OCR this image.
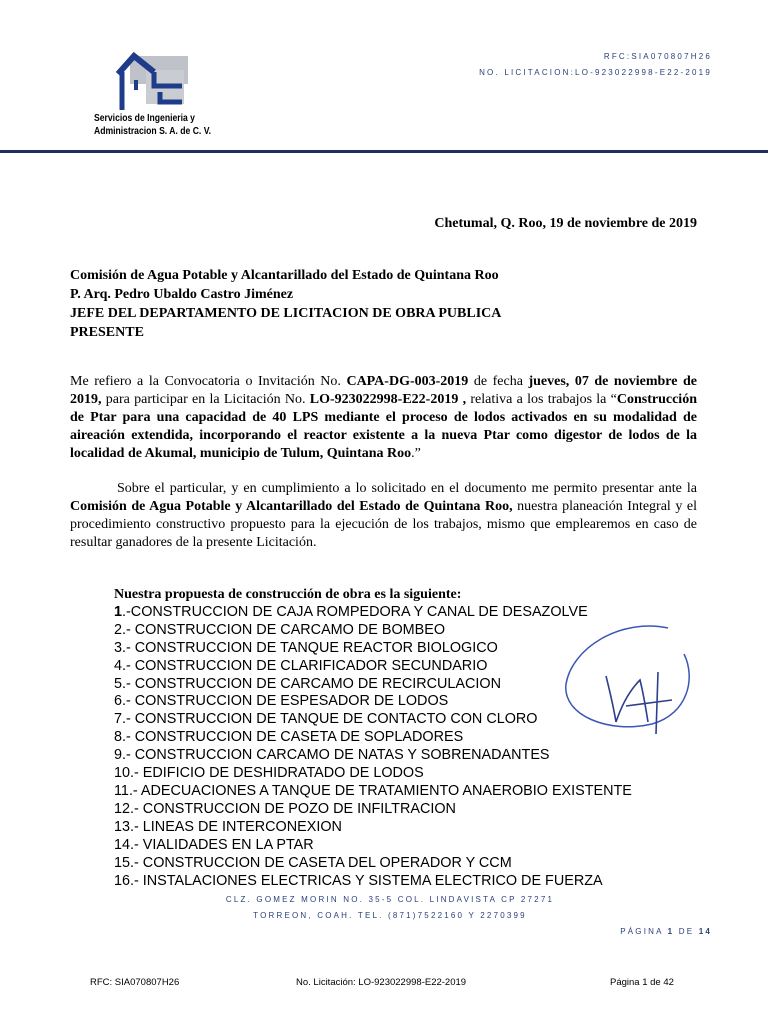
Servicios de Ingenieria y
Administracion S. A. de C. V.
RFC:SIA070807H26
NO. LICITACION:LO-923022998-E22-2019
Chetumal, Q. Roo, 19 de noviembre de 2019
Comisión de Agua Potable y Alcantarillado del Estado de Quintana Roo
P. Arq. Pedro Ubaldo Castro Jiménez
JEFE DEL DEPARTAMENTO DE LICITACION DE OBRA PUBLICA
PRESENTE
Me refiero a la Convocatoria o Invitación No. CAPA-DG-003-2019 de fecha jueves, 07 de noviembre de 2019, para participar en la Licitación No. LO-923022998-E22-2019 , relativa a los trabajos la “Construcción de Ptar para una capacidad de 40 LPS mediante el proceso de lodos activados en su modalidad de aireación extendida, incorporando el reactor existente a la nueva Ptar como digestor de lodos de la localidad de Akumal, municipio de Tulum, Quintana Roo.”
Sobre el particular, y en cumplimiento a lo solicitado en el documento me permito presentar ante la Comisión de Agua Potable y Alcantarillado del Estado de Quintana Roo, nuestra planeación Integral y el procedimiento constructivo propuesto para la ejecución de los trabajos, mismo que emplearemos en caso de resultar ganadores de la presente Licitación.
Nuestra propuesta de construcción de obra es la siguiente:
1.-CONSTRUCCION DE CAJA ROMPEDORA Y CANAL DE DESAZOLVE
2.- CONSTRUCCION DE CARCAMO DE BOMBEO
3.- CONSTRUCCION DE TANQUE REACTOR BIOLOGICO
4.- CONSTRUCCION DE CLARIFICADOR SECUNDARIO
5.- CONSTRUCCION DE CARCAMO DE RECIRCULACION
6.- CONSTRUCCION DE ESPESADOR DE LODOS
7.- CONSTRUCCION DE TANQUE DE CONTACTO CON CLORO
8.- CONSTRUCCION DE CASETA DE SOPLADORES
9.- CONSTRUCCION CARCAMO DE NATAS Y SOBRENADANTES
10.- EDIFICIO DE DESHIDRATADO DE LODOS
11.- ADECUACIONES A TANQUE DE TRATAMIENTO ANAEROBIO EXISTENTE
12.- CONSTRUCCION DE POZO DE INFILTRACION
13.- LINEAS DE INTERCONEXION
14.- VIALIDADES EN LA PTAR
15.- CONSTRUCCION DE CASETA DEL OPERADOR Y CCM
16.- INSTALACIONES ELECTRICAS Y SISTEMA ELECTRICO DE FUERZA
CLZ. GOMEZ MORIN NO. 35-5 COL. LINDAVISTA CP 27271
TORREON, COAH. TEL. (871)7522160 Y 2270399
PÁGINA 1 DE 14
RFC: SIA070807H26	No. Licitación: LO-923022998-E22-2019	Página 1 de 42
